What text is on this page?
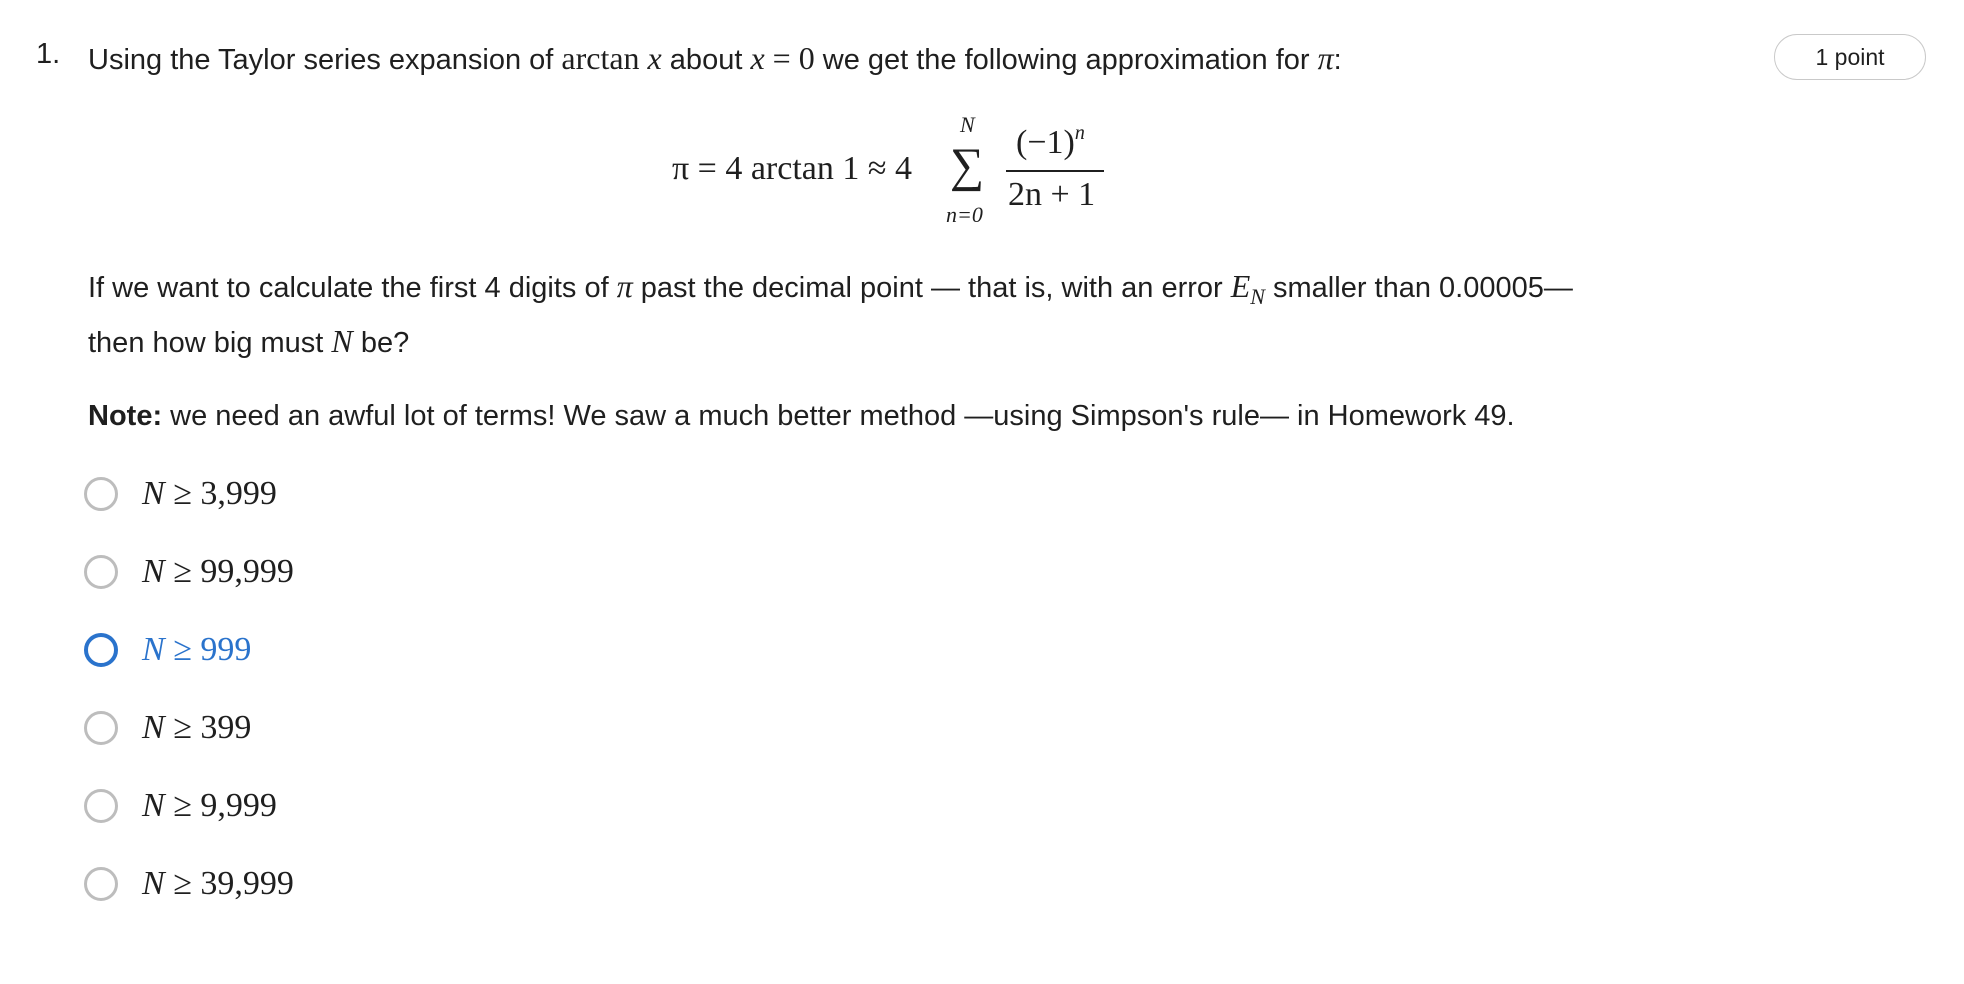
1.	1 point
Using the Taylor series expansion of arctan x about x = 0 we get the following approximation for π:
π = 4 arctan 1 ≈ 4
N
∑
n=0
$(-1)^n$
2n + 1
If we want to calculate the first 4 digits of π past the decimal point — that is, with an error $E_N$ smaller than 0.00005—
then how big must N be?
Note: we need an awful lot of terms! We saw a much better method —using Simpson's rule— in Homework 49.
N ≥ 3,999
N ≥ 99,999
N ≥ 999
N ≥ 399
N ≥ 9,999
N ≥ 39,999
